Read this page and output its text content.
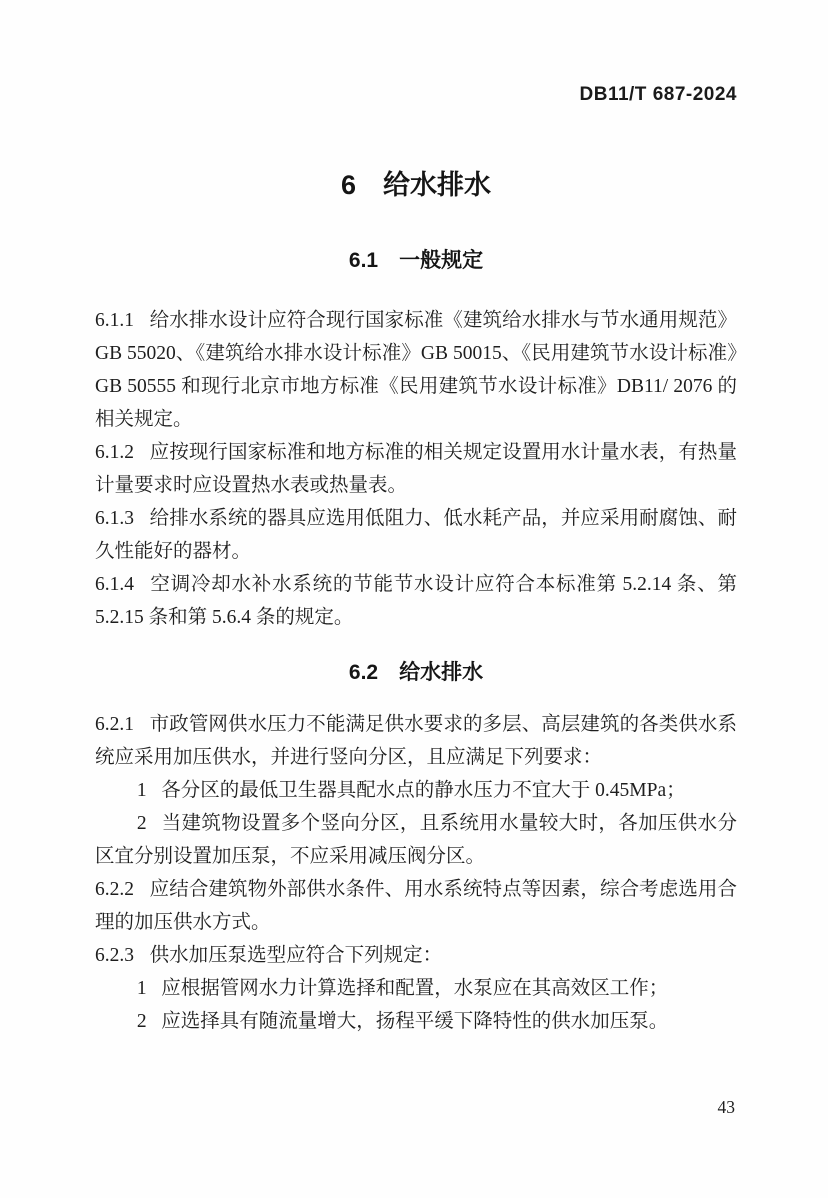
DB11/T 687-2024
6　给水排水
6.1　一般规定

6.1.1 给水排水设计应符合现行国家标准《建筑给水排水与节水通用规范》GB 55020、《建筑给水排水设计标准》GB 50015、《民用建筑节水设计标准》GB 50555 和现行北京市地方标准《民用建筑节水设计标准》DB11/ 2076 的相关规定。

6.1.2 应按现行国家标准和地方标准的相关规定设置用水计量水表，有热量计量要求时应设置热水表或热量表。

6.1.3 给排水系统的器具应选用低阻力、低水耗产品，并应采用耐腐蚀、耐久性能好的器材。

6.1.4 空调冷却水补水系统的节能节水设计应符合本标准第 5.2.14 条、第 5.2.15 条和第 5.6.4 条的规定。

6.2　给水排水

6.2.1 市政管网供水压力不能满足供水要求的多层、高层建筑的各类供水系统应采用加压供水，并进行竖向分区，且应满足下列要求：

1 各分区的最低卫生器具配水点的静水压力不宜大于 0.45MPa；

2 当建筑物设置多个竖向分区，且系统用水量较大时，各加压供水分区宜分别设置加压泵，不应采用减压阀分区。

6.2.2 应结合建筑物外部供水条件、用水系统特点等因素，综合考虑选用合理的加压供水方式。

6.2.3 供水加压泵选型应符合下列规定：

1 应根据管网水力计算选择和配置，水泵应在其高效区工作；

2 应选择具有随流量增大，扬程平缓下降特性的供水加压泵。

43
